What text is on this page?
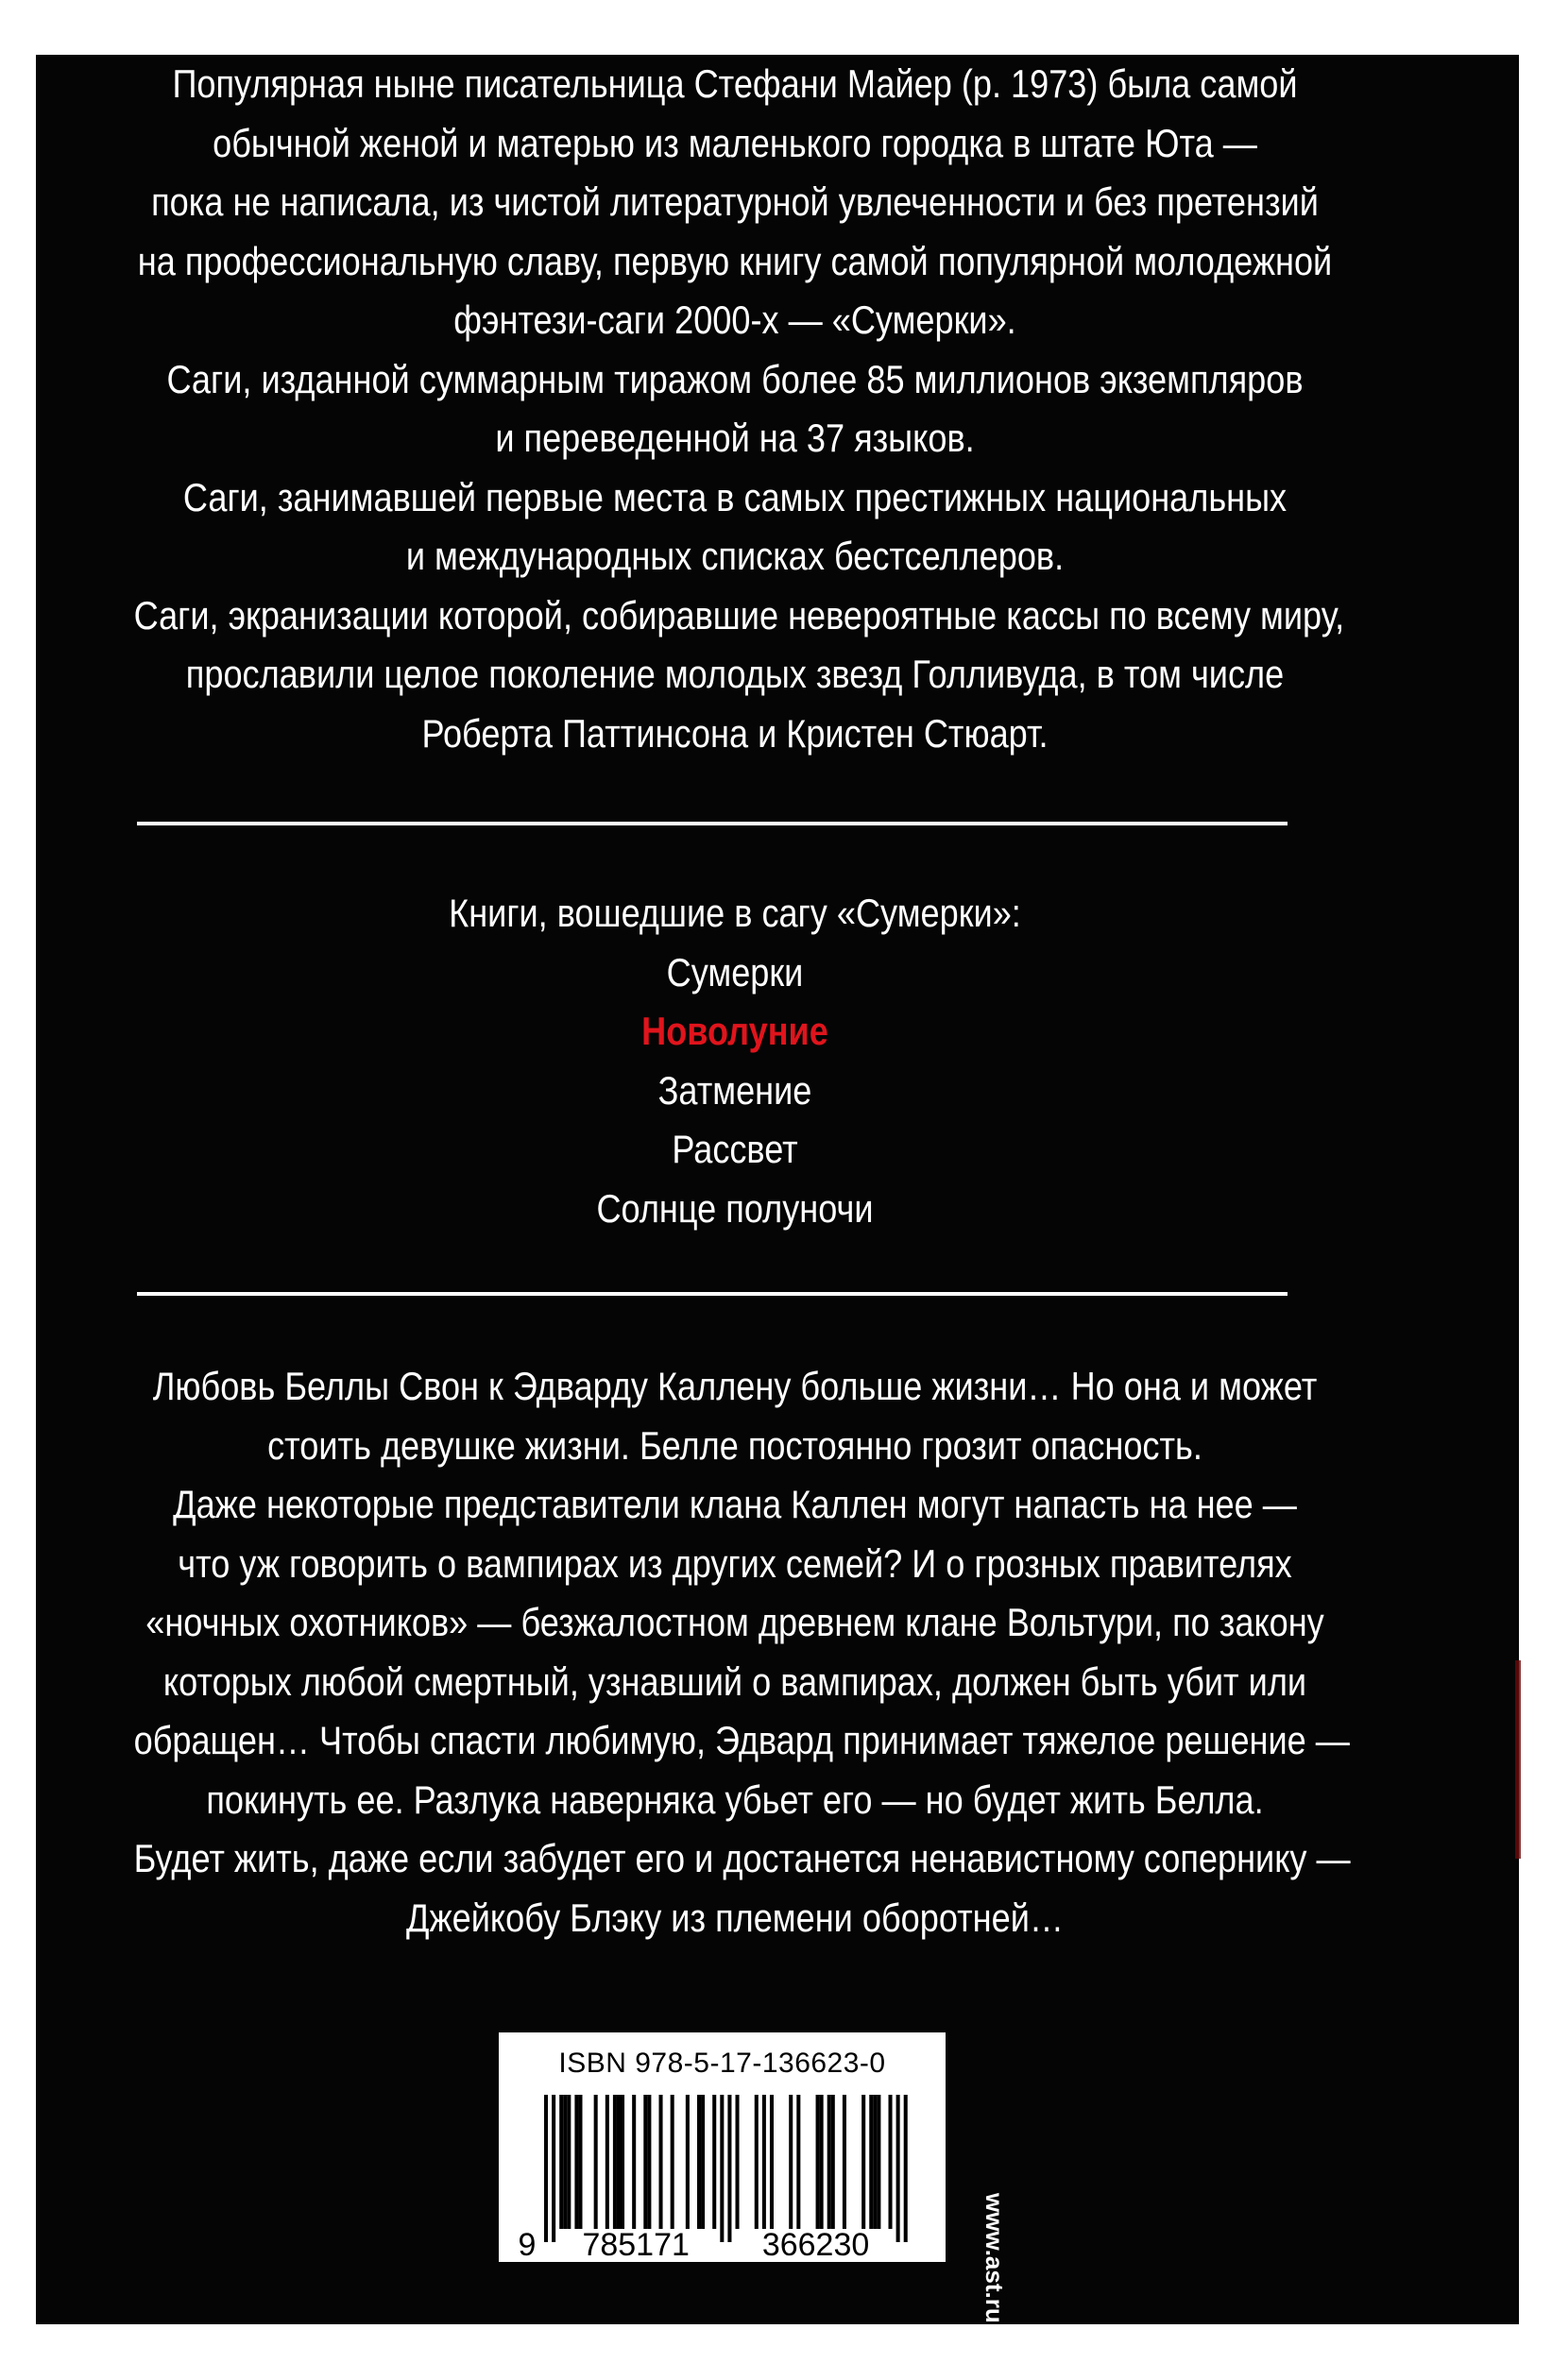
Популярная ныне писательница Стефани Майер (р. 1973) была самой
обычной женой и матерью из маленького городка в штате Юта —
пока не написала, из чистой литературной увлеченности и без претензий
на профессиональную славу, первую книгу самой популярной молодежной
фэнтези-саги 2000-х — «Сумерки».
Саги, изданной суммарным тиражом более 85 миллионов экземпляров
и переведенной на 37 языков.
Саги, занимавшей первые места в самых престижных национальных
и международных списках бестселлеров.
Саги, экранизации которой, собиравшие невероятные кассы по всему миру,
прославили целое поколение молодых звезд Голливуда, в том числе
Роберта Паттинсона и Кристен Стюарт.
Книги, вошедшие в сагу «Сумерки»:
Сумерки
Новолуние
Затмение
Рассвет
Солнце полуночи
Любовь Беллы Свон к Эдварду Каллену больше жизни… Но она и может
стоить девушке жизни. Белле постоянно грозит опасность.
Даже некоторые представители клана Каллен могут напасть на нее —
что уж говорить о вампирах из других семей? И о грозных правителях
«ночных охотников» — безжалостном древнем клане Вольтури, по закону
которых любой смертный, узнавший о вампирах, должен быть убит или
обращен… Чтобы спасти любимую, Эдвард принимает тяжелое решение —
покинуть ее. Разлука наверняка убьет его — но будет жить Белла.
Будет жить, даже если забудет его и достанется ненавистному сопернику —
Джейкобу Блэку из племени оборотней…
ISBN 978-5-17-136623-0
9 785171 366230	www.ast.ru
